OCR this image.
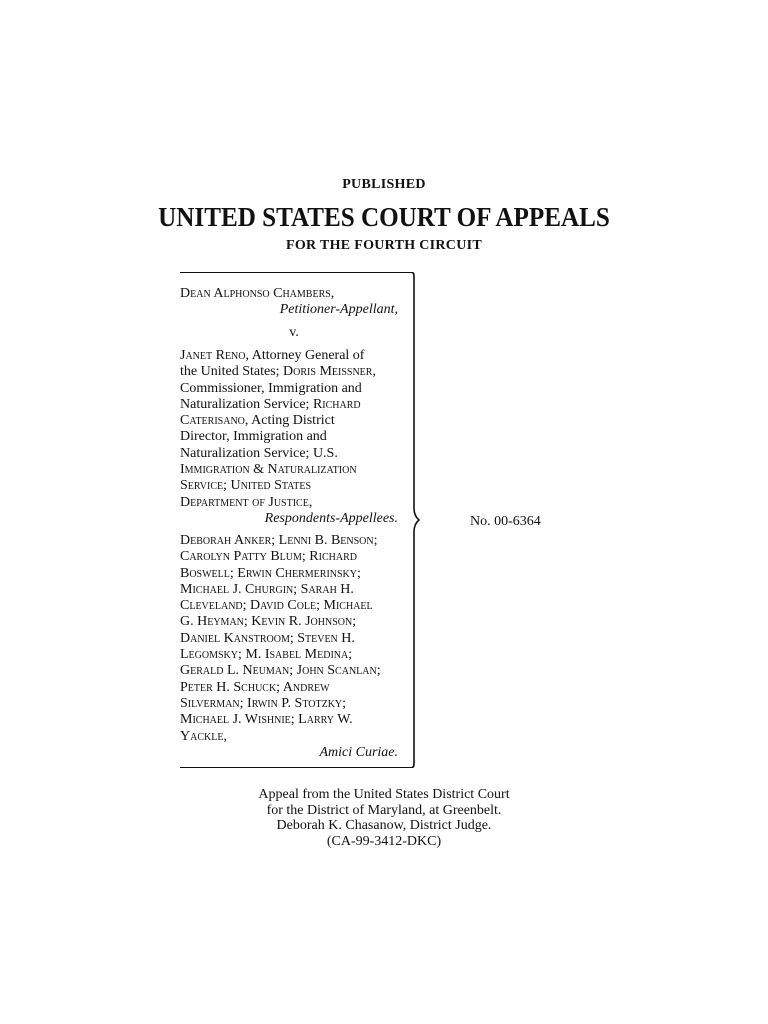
PUBLISHED
UNITED STATES COURT OF APPEALS
FOR THE FOURTH CIRCUIT
Dean Alphonso Chambers,
Petitioner-Appellant,
v.
Janet Reno, Attorney General of
the United States; Doris Meissner,
Commissioner, Immigration and
Naturalization Service; Richard
Caterisano, Acting District
Director, Immigration and
Naturalization Service; U.S.
Immigration & Naturalization
Service; United States
Department of Justice,
Respondents-Appellees.
Deborah Anker; Lenni B. Benson;
Carolyn Patty Blum; Richard
Boswell; Erwin Chermerinsky;
Michael J. Churgin; Sarah H.
Cleveland; David Cole; Michael
G. Heyman; Kevin R. Johnson;
Daniel Kanstroom; Steven H.
Legomsky; M. Isabel Medina;
Gerald L. Neuman; John Scanlan;
Peter H. Schuck; Andrew
Silverman; Irwin P. Stotzky;
Michael J. Wishnie; Larry W.
Yackle,
Amici Curiae.
No. 00-6364
Appeal from the United States District Court
for the District of Maryland, at Greenbelt.
Deborah K. Chasanow, District Judge.
(CA-99-3412-DKC)
